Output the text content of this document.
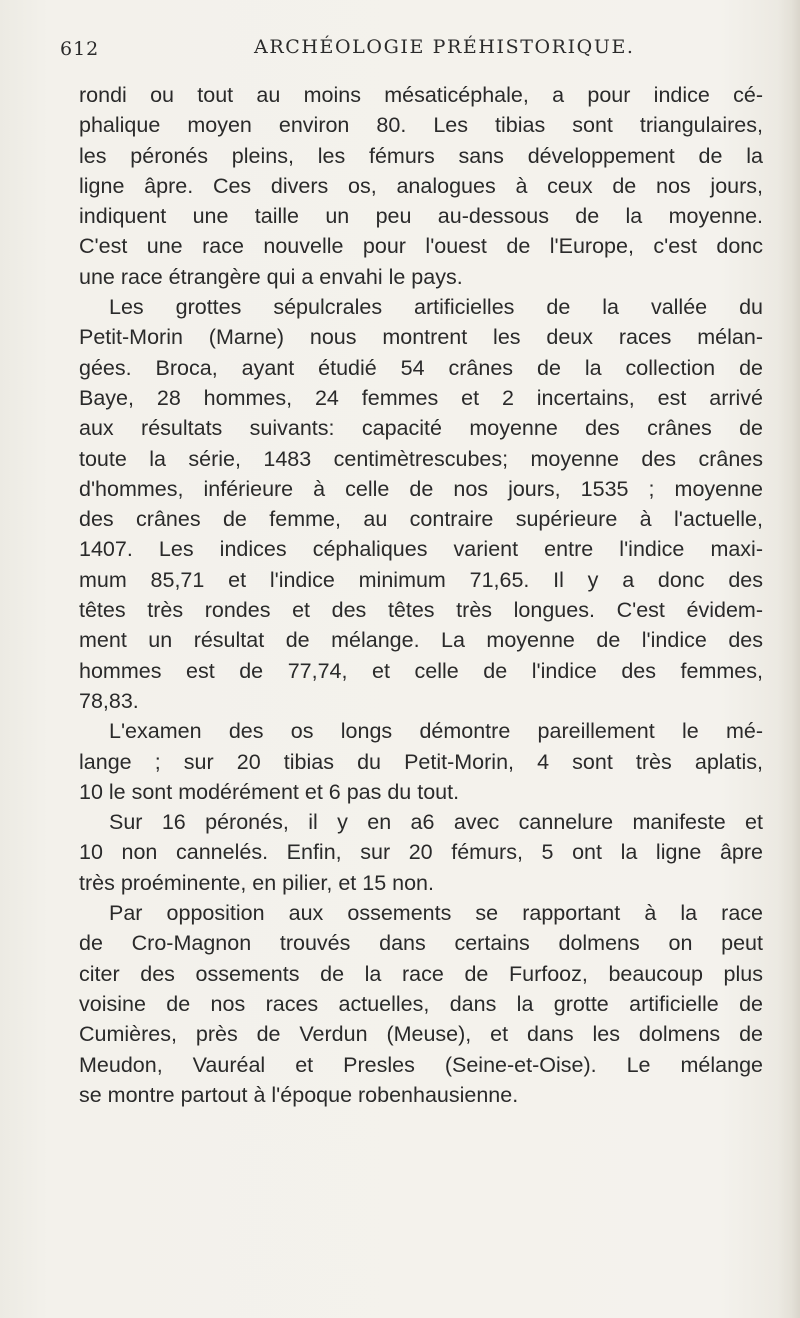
612	ARCHÉOLOGIE PRÉHISTORIQUE.
rondi ou tout au moins mésaticéphale, a pour indice cé-
phalique moyen environ 80. Les tibias sont triangulaires,
les péronés pleins, les fémurs sans développement de la
ligne âpre. Ces divers os, analogues à ceux de nos jours,
indiquent une taille un peu au-dessous de la moyenne.
C'est une race nouvelle pour l'ouest de l'Europe, c'est donc
une race étrangère qui a envahi le pays.
Les grottes sépulcrales artificielles de la vallée du
Petit-Morin (Marne) nous montrent les deux races mélan-
gées. Broca, ayant étudié 54 crânes de la collection de
Baye, 28 hommes, 24 femmes et 2 incertains, est arrivé
aux résultats suivants: capacité moyenne des crânes de
toute la série, 1483 centimètrescubes; moyenne des crânes
d'hommes, inférieure à celle de nos jours, 1535 ; moyenne
des crânes de femme, au contraire supérieure à l'actuelle,
1407. Les indices céphaliques varient entre l'indice maxi-
mum 85,71 et l'indice minimum 71,65. Il y a donc des
têtes très rondes et des têtes très longues. C'est évidem-
ment un résultat de mélange. La moyenne de l'indice des
hommes est de 77,74, et celle de l'indice des femmes,
78,83.
L'examen des os longs démontre pareillement le mé-
lange ; sur 20 tibias du Petit-Morin, 4 sont très aplatis,
10 le sont modérément et 6 pas du tout.
Sur 16 péronés, il y en a6 avec cannelure manifeste et
10 non cannelés. Enfin, sur 20 fémurs, 5 ont la ligne âpre
très proéminente, en pilier, et 15 non.
Par opposition aux ossements se rapportant à la race
de Cro-Magnon trouvés dans certains dolmens on peut
citer des ossements de la race de Furfooz, beaucoup plus
voisine de nos races actuelles, dans la grotte artificielle de
Cumières, près de Verdun (Meuse), et dans les dolmens de
Meudon, Vauréal et Presles (Seine-et-Oise). Le mélange
se montre partout à l'époque robenhausienne.
